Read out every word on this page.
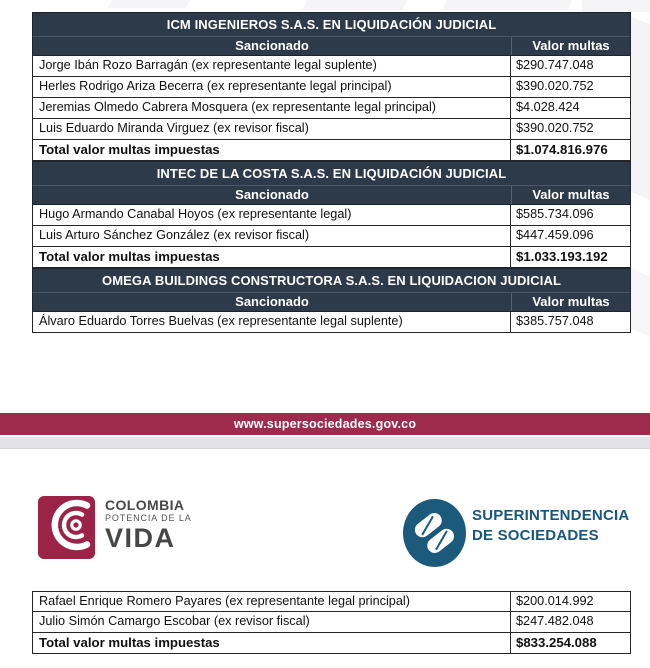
ICM INGENIEROS S.A.S. EN LIQUIDACIÓN JUDICIAL
Sancionado	Valor multas
Jorge Ibán Rozo Barragán (ex representante legal suplente)	$290.747.048
Herles Rodrigo Ariza Becerra (ex representante legal principal)	$390.020.752
Jeremias Olmedo Cabrera Mosquera (ex representante legal principal)	$4.028.424
Luis Eduardo Miranda Virguez (ex revisor fiscal)	$390.020.752
Total valor multas impuestas	$1.074.816.976
INTEC DE LA COSTA S.A.S. EN LIQUIDACIÓN JUDICIAL
Sancionado	Valor multas
Hugo Armando Canabal Hoyos (ex representante legal)	$585.734.096
Luis Arturo Sánchez González (ex revisor fiscal)	$447.459.096
Total valor multas impuestas	$1.033.193.192
OMEGA BUILDINGS CONSTRUCTORA S.A.S. EN LIQUIDACION JUDICIAL
Sancionado	Valor multas
Álvaro Eduardo Torres Buelvas (ex representante legal suplente)	$385.757.048
www.supersociedades.gov.co
COLOMBIA
POTENCIA DE LA
VIDA
SUPERINTENDENCIA
DE SOCIEDADES
Rafael Enrique Romero Payares (ex representante legal principal)	$200.014.992
Julio Simón Camargo Escobar (ex revisor fiscal)	$247.482.048
Total valor multas impuestas	$833.254.088
